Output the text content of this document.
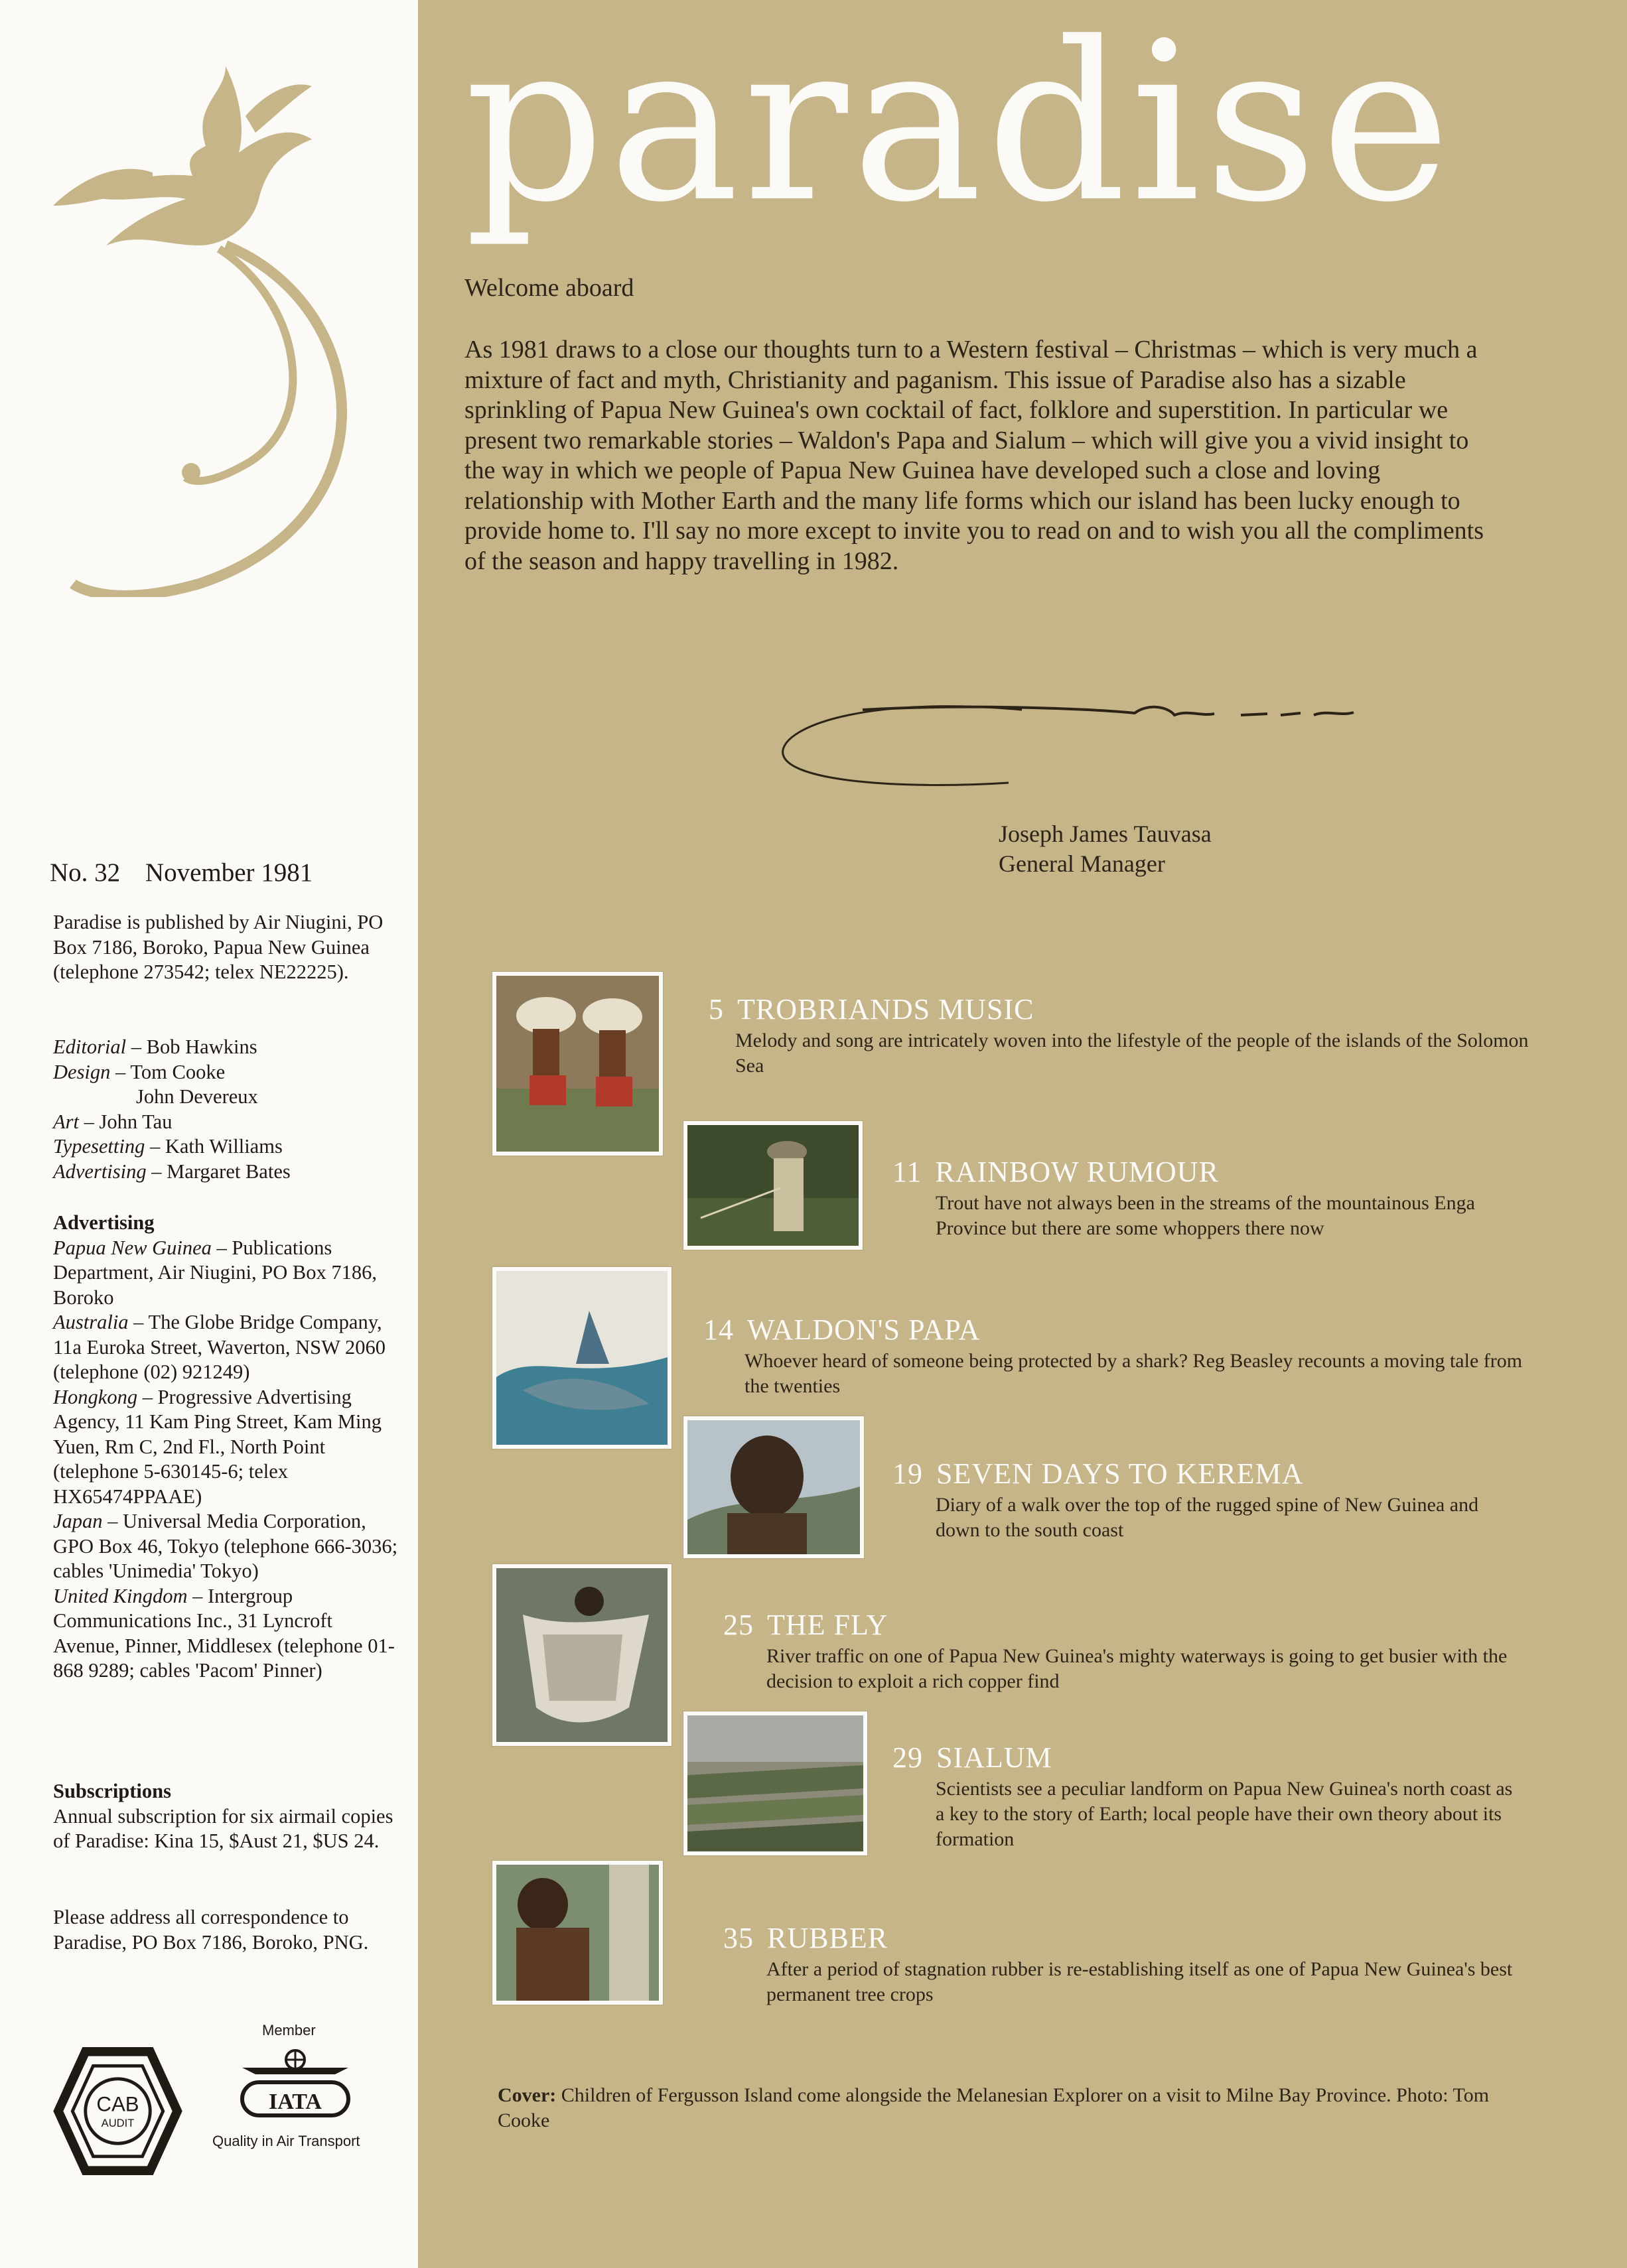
paradise
Welcome aboard

As 1981 draws to a close our thoughts turn to a Western festival – Christmas – which is very much a mixture of fact and myth, Christianity and paganism. This issue of Paradise also has a sizable sprinkling of Papua New Guinea's own cocktail of fact, folklore and superstition. In particular we present two remarkable stories – Waldon's Papa and Sialum – which will give you a vivid insight to the way in which we people of Papua New Guinea have developed such a close and loving relationship with Mother Earth and the many life forms which our island has been lucky enough to provide home to. I'll say no more except to invite you to read on and to wish you all the compliments of the season and happy travelling in 1982.

Joseph James Tauvasa
General Manager
No. 32 November 1981

Paradise is published by Air Niugini, PO Box 7186, Boroko, Papua New Guinea (telephone 273542; telex NE22225).

Editorial – Bob Hawkins

Design – Tom Cooke

John Devereux

Art – John Tau

Typesetting – Kath Williams

Advertising – Margaret Bates

Advertising

Papua New Guinea – Publications Department, Air Niugini, PO Box 7186, Boroko

Australia – The Globe Bridge Company, 11a Euroka Street, Waverton, NSW 2060 (telephone (02) 921249)

Hongkong – Progressive Advertising Agency, 11 Kam Ping Street, Kam Ming Yuen, Rm C, 2nd Fl., North Point (telephone 5-630145-6; telex HX65474PPAAE)

Japan – Universal Media Corporation, GPO Box 46, Tokyo (telephone 666-3036; cables 'Unimedia' Tokyo)

United Kingdom – Intergroup Communications Inc., 31 Lyncroft Avenue, Pinner, Middlesex (telephone 01-868 9289; cables 'Pacom' Pinner)

Subscriptions

Annual subscription for six airmail copies of Paradise: Kina 15, $Aust 21, $US 24.

Please address all correspondence to Paradise, PO Box 7186, Boroko, PNG.

CAB
AUDIT
Member
IATA
Quality in Air Transport
5 TROBRIANDS MUSIC
Melody and song are intricately woven into the lifestyle of the people of the islands of the Solomon Sea
11 RAINBOW RUMOUR
Trout have not always been in the streams of the mountainous Enga Province but there are some whoppers there now
14 WALDON'S PAPA
Whoever heard of someone being protected by a shark? Reg Beasley recounts a moving tale from the twenties
19 SEVEN DAYS TO KEREMA
Diary of a walk over the top of the rugged spine of New Guinea and down to the south coast
25 THE FLY
River traffic on one of Papua New Guinea's mighty waterways is going to get busier with the decision to exploit a rich copper find
29 SIALUM
Scientists see a peculiar landform on Papua New Guinea's north coast as a key to the story of Earth; local people have their own theory about its formation
35 RUBBER
After a period of stagnation rubber is re-establishing itself as one of Papua New Guinea's best permanent tree crops
Cover: Children of Fergusson Island come alongside the Melanesian Explorer on a visit to Milne Bay Province. Photo: Tom Cooke
